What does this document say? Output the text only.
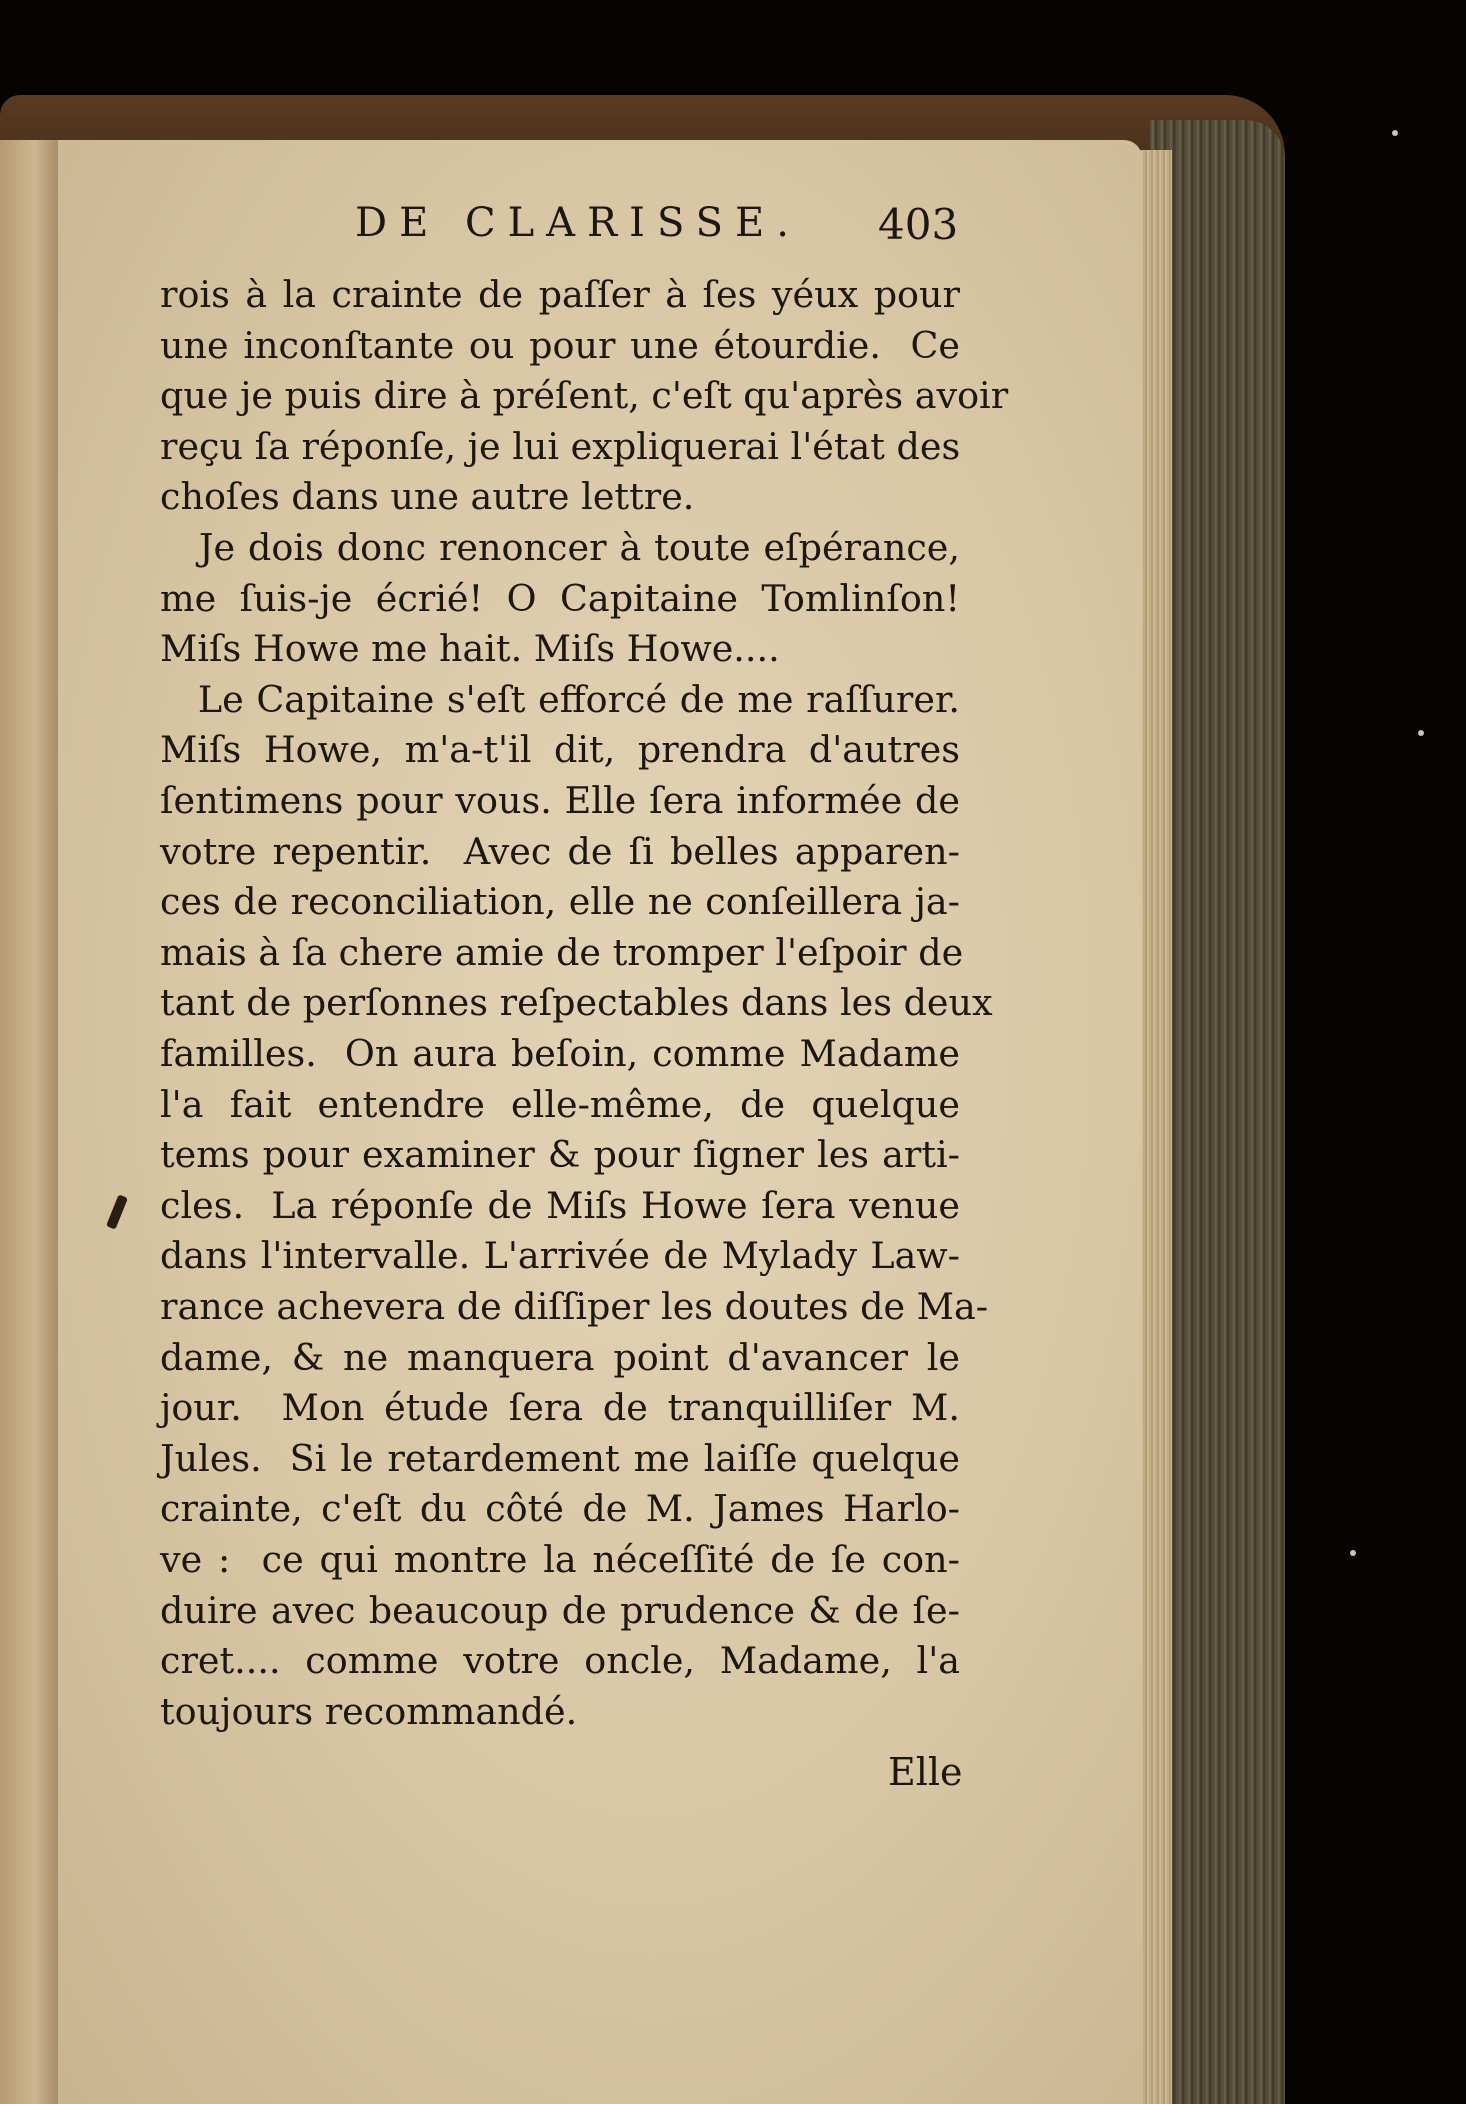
DE CLARISSE.	403
rois à la crainte de paſſer à ſes yéux pour
une inconſtante ou pour une étourdie.  Ce
que je puis dire à préſent, c'eſt qu'après avoir
reçu ſa réponſe, je lui expliquerai l'état des
choſes dans une autre lettre.
Je dois donc renoncer à toute eſpérance,
me ſuis-je écrié! O Capitaine Tomlinſon!
Miſs Howe me hait. Miſs Howe....
Le Capitaine s'eſt efforcé de me raſſurer.
Miſs Howe, m'a-t'il dit, prendra d'autres
ſentimens pour vous. Elle ſera informée de
votre repentir.  Avec de ſi belles apparen-
ces de reconciliation, elle ne conſeillera ja-
mais à ſa chere amie de tromper l'eſpoir de
tant de perſonnes reſpectables dans les deux
familles.  On aura beſoin, comme Madame
l'a fait entendre elle-même, de quelque
tems pour examiner & pour ſigner les arti-
cles.  La réponſe de Miſs Howe ſera venue
dans l'intervalle. L'arrivée de Mylady Law-
rance achevera de diſſiper les doutes de Ma-
dame, & ne manquera point d'avancer le
jour.  Mon étude ſera de tranquilliſer M.
Jules.  Si le retardement me laiſſe quelque
crainte, c'eſt du côté de M. James Harlo-
ve :  ce qui montre la néceſſité de ſe con-
duire avec beaucoup de prudence & de ſe-
cret.... comme votre oncle, Madame, l'a
toujours recommandé.
Elle
